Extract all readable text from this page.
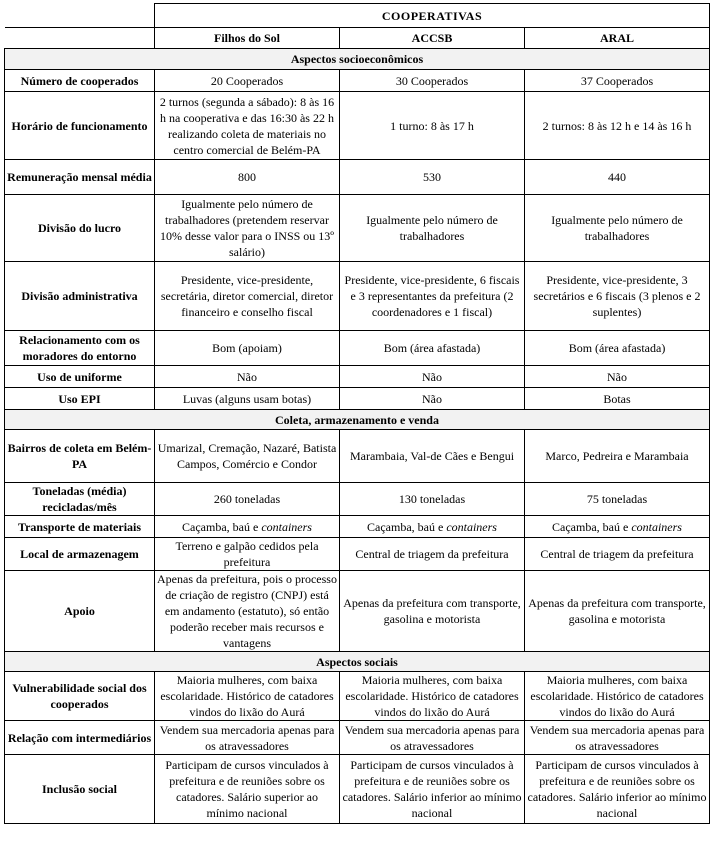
	COOPERATIVAS		
	Filhos do Sol	ACCSB	ARAL
Aspectos socioeconômicos			
Número de cooperados	20 Cooperados	30 Cooperados	37 Cooperados
Horário de funcionamento	2 turnos (segunda a sábado): 8 às 16 h na cooperativa e das 16:30 às 22 h realizando coleta de materiais no centro comercial de Belém-PA	1 turno: 8 às 17 h	2 turnos: 8 às 12 h e 14 às 16 h
Remuneração mensal média	800	530	440
Divisão do lucro	Igualmente pelo número de trabalhadores (pretendem reservar 10% desse valor para o INSS ou 13º salário)	Igualmente pelo número de trabalhadores	Igualmente pelo número de trabalhadores
Divisão administrativa	Presidente, vice-presidente, secretária, diretor comercial, diretor financeiro e conselho fiscal	Presidente, vice-presidente, 6 fiscais e 3 representantes da prefeitura (2 coordenadores e 1 fiscal)	Presidente, vice-presidente, 3 secretários e 6 fiscais (3 plenos e 2 suplentes)
Relacionamento com os moradores do entorno	Bom (apoiam)	Bom (área afastada)	Bom (área afastada)
Uso de uniforme	Não	Não	Não
Uso EPI	Luvas (alguns usam botas)	Não	Botas
Coleta, armazenamento e venda			
Bairros de coleta em Belém-PA	Umarizal, Cremação, Nazaré, Batista Campos, Comércio e Condor	Marambaia, Val-de Cães e Bengui	Marco, Pedreira e Marambaia
Toneladas (média) recicladas/mês	260 toneladas	130 toneladas	75 toneladas
Transporte de materiais	Caçamba, baú e containers	Caçamba, baú e containers	Caçamba, baú e containers
Local de armazenagem	Terreno e galpão cedidos pela prefeitura	Central de triagem da prefeitura	Central de triagem da prefeitura
Apoio	Apenas da prefeitura, pois o processo de criação de registro (CNPJ) está em andamento (estatuto), só então poderão receber mais recursos e vantagens	Apenas da prefeitura com transporte, gasolina e motorista	Apenas da prefeitura com transporte, gasolina e motorista
Aspectos sociais			
Vulnerabilidade social dos cooperados	Maioria mulheres, com baixa escolaridade. Histórico de catadores vindos do lixão do Aurá	Maioria mulheres, com baixa escolaridade. Histórico de catadores vindos do lixão do Aurá	Maioria mulheres, com baixa escolaridade. Histórico de catadores vindos do lixão do Aurá
Relação com intermediários	Vendem sua mercadoria apenas para os atravessadores	Vendem sua mercadoria apenas para os atravessadores	Vendem sua mercadoria apenas para os atravessadores
Inclusão social	Participam de cursos vinculados à prefeitura e de reuniões sobre os catadores. Salário superior ao mínimo nacional	Participam de cursos vinculados à prefeitura e de reuniões sobre os catadores. Salário inferior ao mínimo nacional	Participam de cursos vinculados à prefeitura e de reuniões sobre os catadores. Salário inferior ao mínimo nacional
